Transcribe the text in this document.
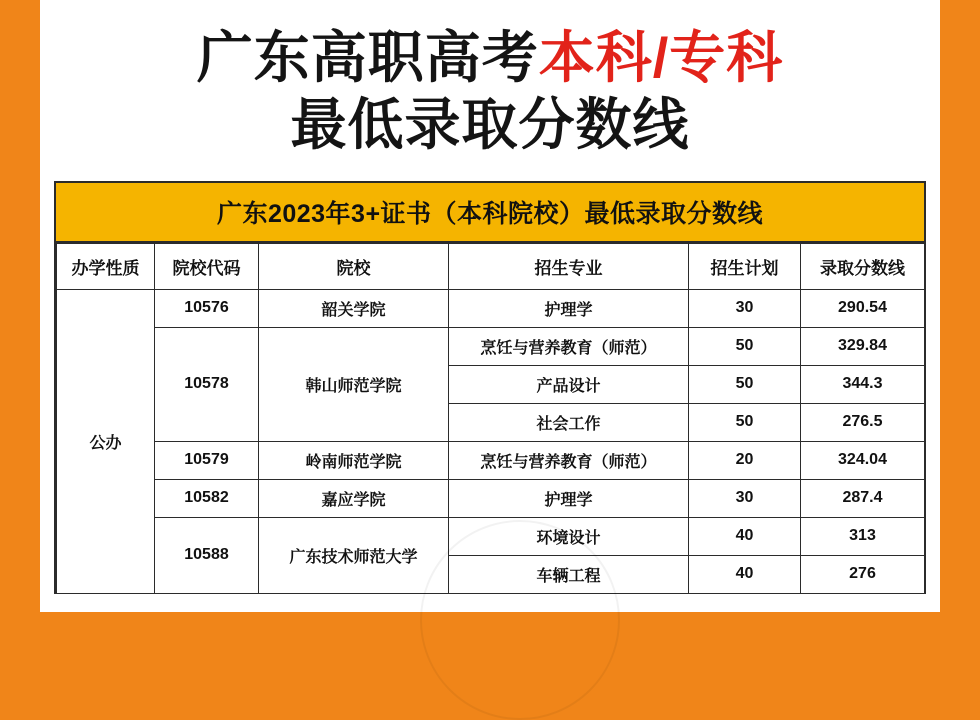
广东高职高考本科/专科
最低录取分数线
广东2023年3+证书（本科院校）最低录取分数线
办学性质	院校代码	院校	招生专业	招生计划	录取分数线
公办	10576	韶关学院	护理学	30	290.54
	10578	韩山师范学院	烹饪与营养教育（师范）	50	329.84
			产品设计	50	344.3
			社会工作	50	276.5
	10579	岭南师范学院	烹饪与营养教育（师范）	20	324.04
	10582	嘉应学院	护理学	30	287.4
	10588	广东技术师范大学	环境设计	40	313
			车辆工程	40	276
